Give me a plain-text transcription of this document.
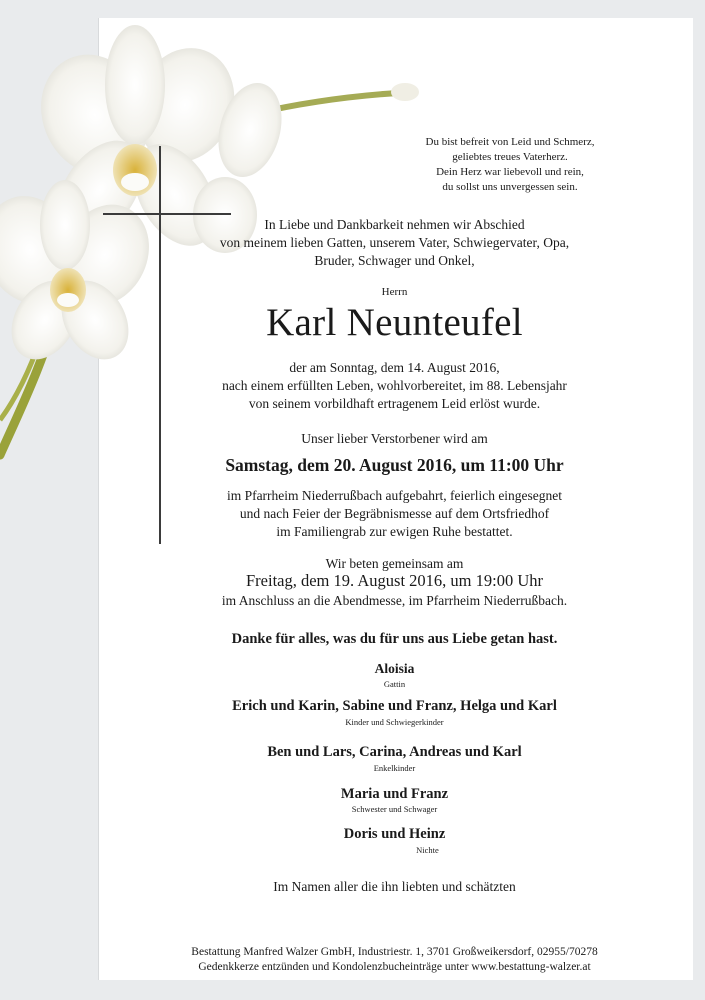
Du bist befreit von Leid und Schmerz,
geliebtes treues Vaterherz.
Dein Herz war liebevoll und rein,
du sollst uns unvergessen sein.
In Liebe und Dankbarkeit nehmen wir Abschied
von meinem lieben Gatten, unserem Vater, Schwiegervater, Opa,
Bruder, Schwager und Onkel,
Herrn
Karl Neunteufel
der am Sonntag, dem 14. August 2016,
nach einem erfüllten Leben, wohlvorbereitet, im 88. Lebensjahr
von seinem vorbildhaft ertragenem Leid erlöst wurde.
Unser lieber Verstorbener wird am
Samstag, dem 20. August 2016, um 11:00 Uhr
im Pfarrheim Niederrußbach aufgebahrt, feierlich eingesegnet
und nach Feier der Begräbnismesse auf dem Ortsfriedhof
im Familiengrab zur ewigen Ruhe bestattet.
Wir beten gemeinsam am
Freitag, dem 19. August 2016, um 19:00 Uhr
im Anschluss an die Abendmesse, im Pfarrheim Niederrußbach.
Danke für alles, was du für uns aus Liebe getan hast.
Aloisia
Gattin
Erich und Karin, Sabine und Franz, Helga und Karl
Kinder und Schwiegerkinder
Ben und Lars, Carina, Andreas und Karl
Enkelkinder
Maria und Franz
Schwester und Schwager
Doris und Heinz
Nichte
Im Namen aller die ihn liebten und schätzten
Bestattung Manfred Walzer GmbH, Industriestr. 1, 3701 Großweikersdorf, 02955/70278
Gedenkkerze entzünden und Kondolenzbucheinträge unter www.bestattung-walzer.at
